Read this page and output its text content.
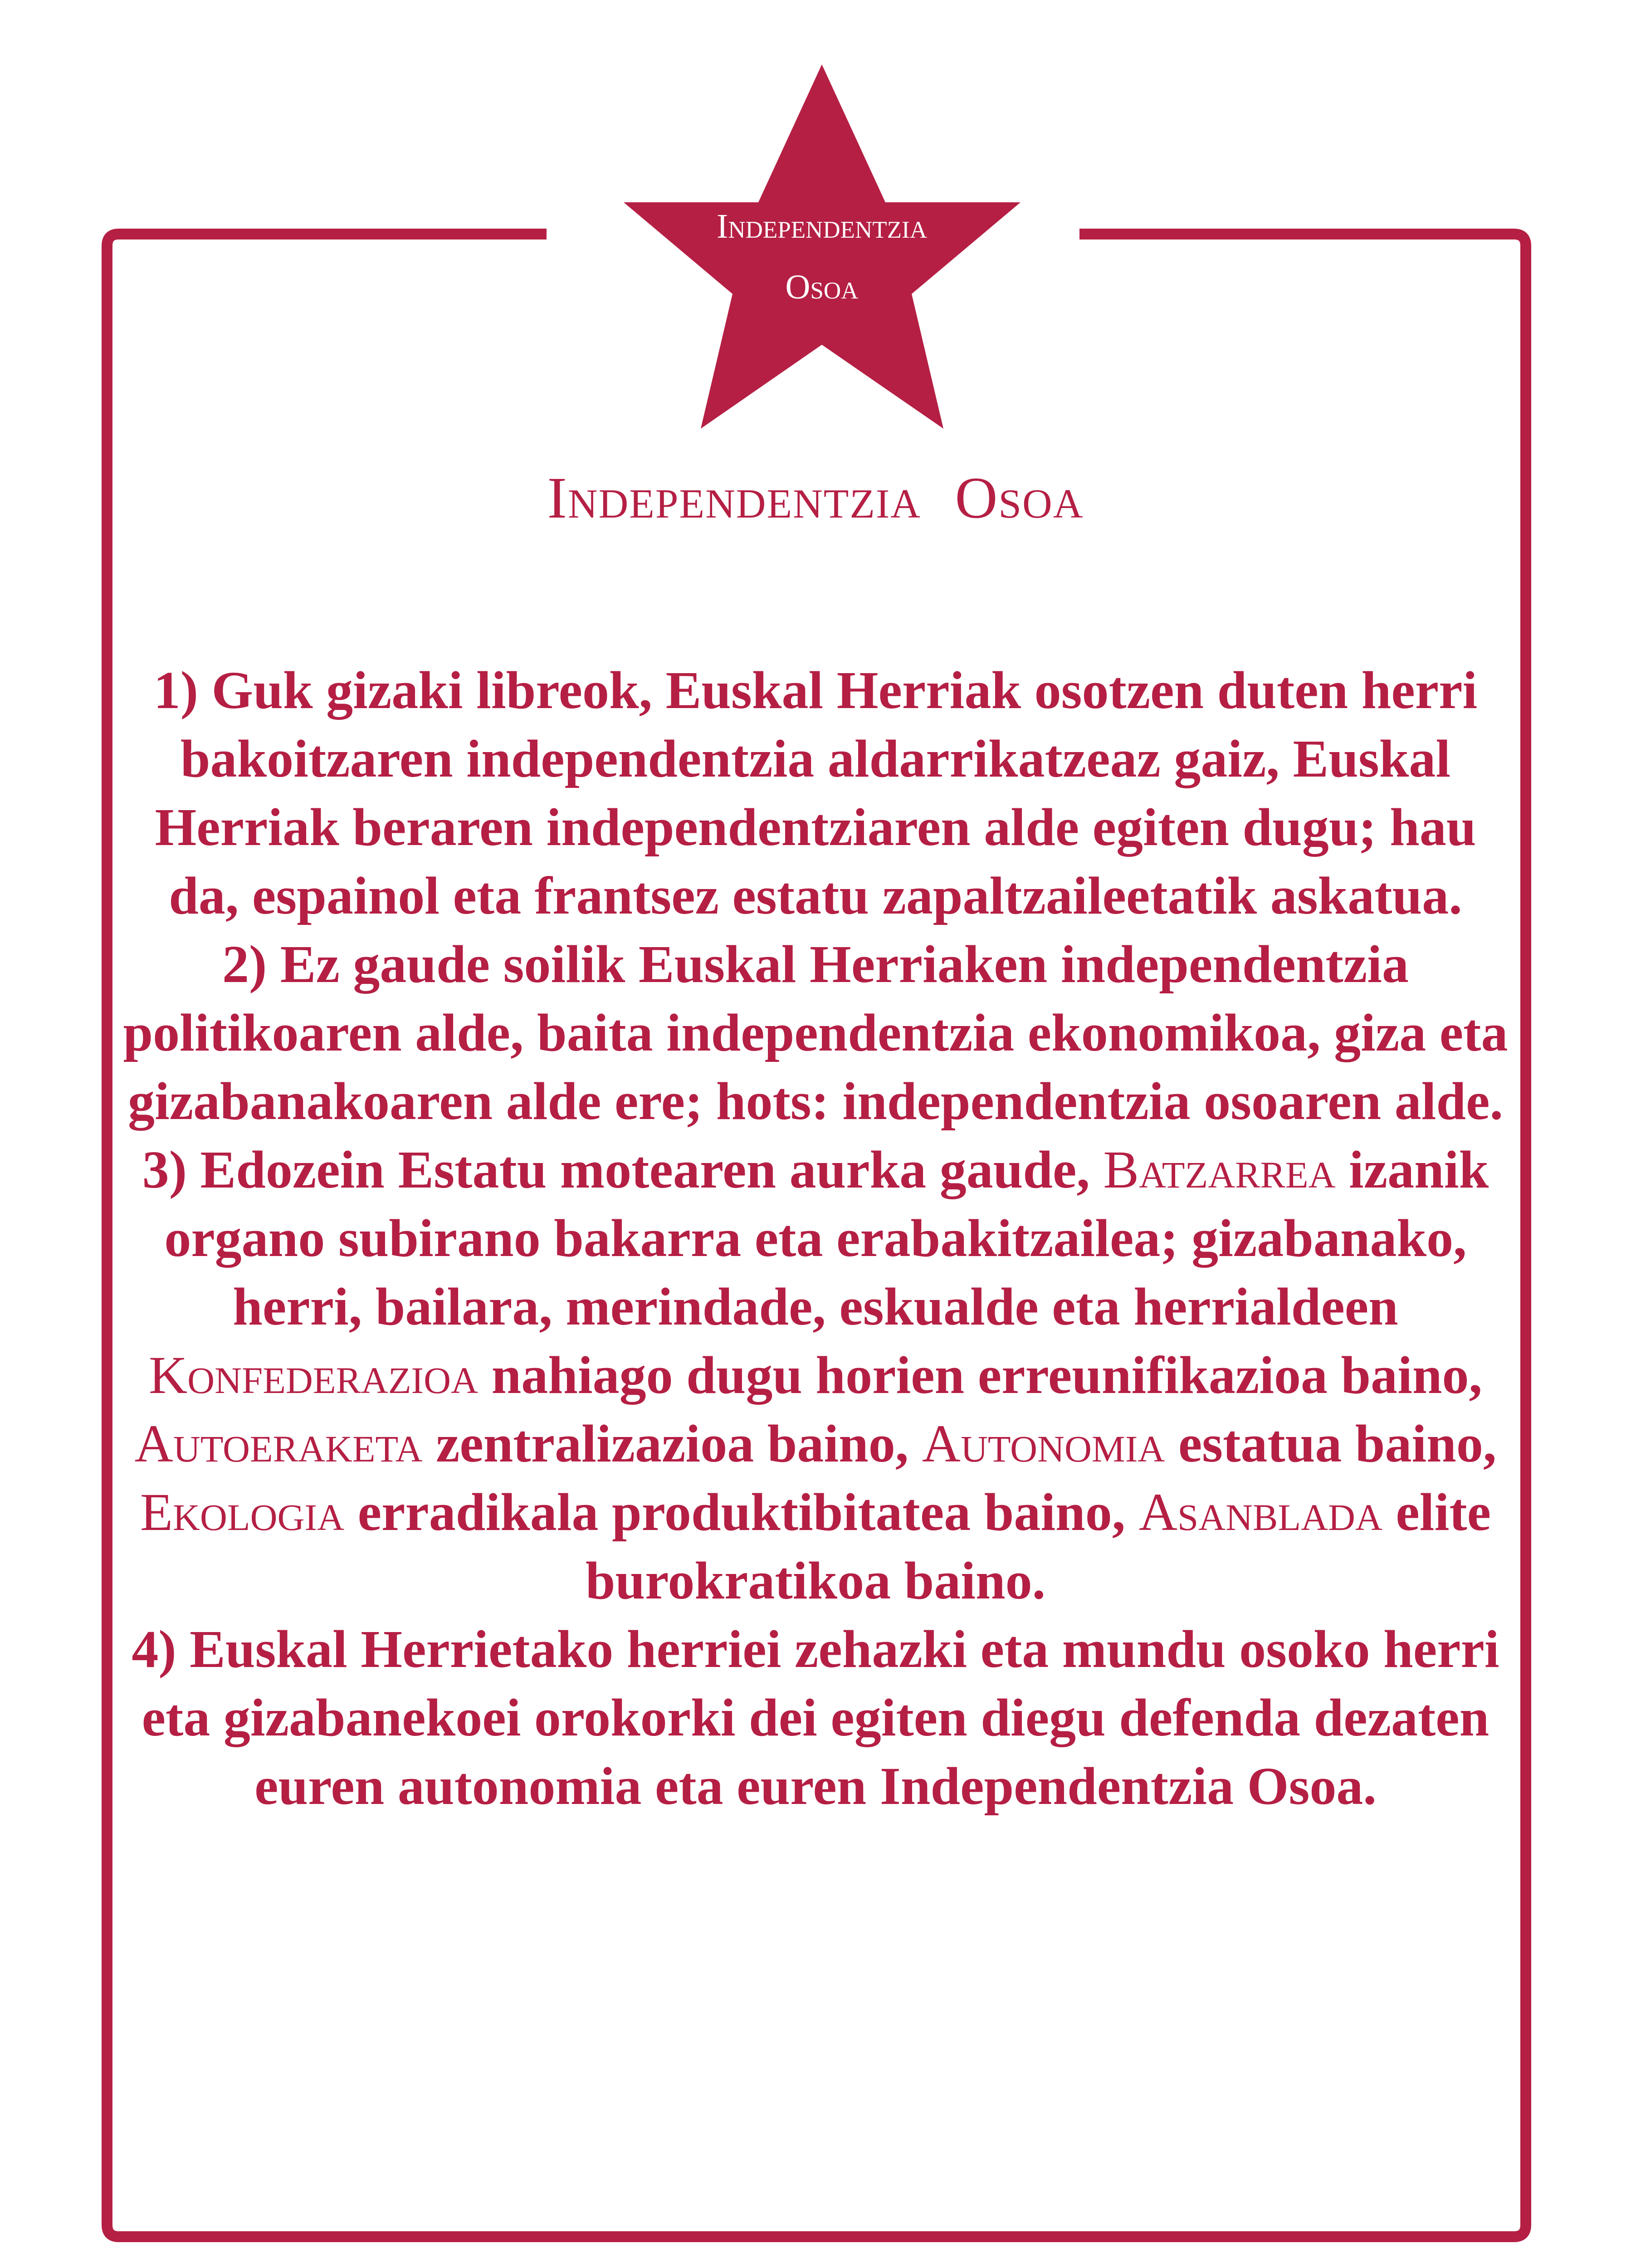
Independentzia
Osoa
Independentzia Osoa

1) Guk gizaki libreok, Euskal Herriak osotzen duten herri bakoitzaren independentzia aldarrikatzeaz gaiz, Euskal Herriak beraren independentziaren alde egiten dugu; hau da, espainol eta frantsez estatu zapaltzaileetatik askatua.

2) Ez gaude soilik Euskal Herriaken independentzia politikoaren alde, baita independentzia ekonomikoa, giza eta gizabanakoaren alde ere; hots: independentzia osoaren alde.

3) Edozein Estatu motearen aurka gaude, Batzarrea izanik organo subirano bakarra eta erabakitzailea; gizabanako, herri, bailara, merindade, eskualde eta herrialdeen Konfederazioa nahiago dugu horien erreunifikazioa baino, Autoeraketa zentralizazioa baino, Autonomia estatua baino, Ekologia erradikala produktibitatea baino, Asanblada elite burokratikoa baino.

4) Euskal Herrietako herriei zehazki eta mundu osoko herri eta gizabanekoei orokorki dei egiten diegu defenda dezaten euren autonomia eta euren Independentzia Osoa.
